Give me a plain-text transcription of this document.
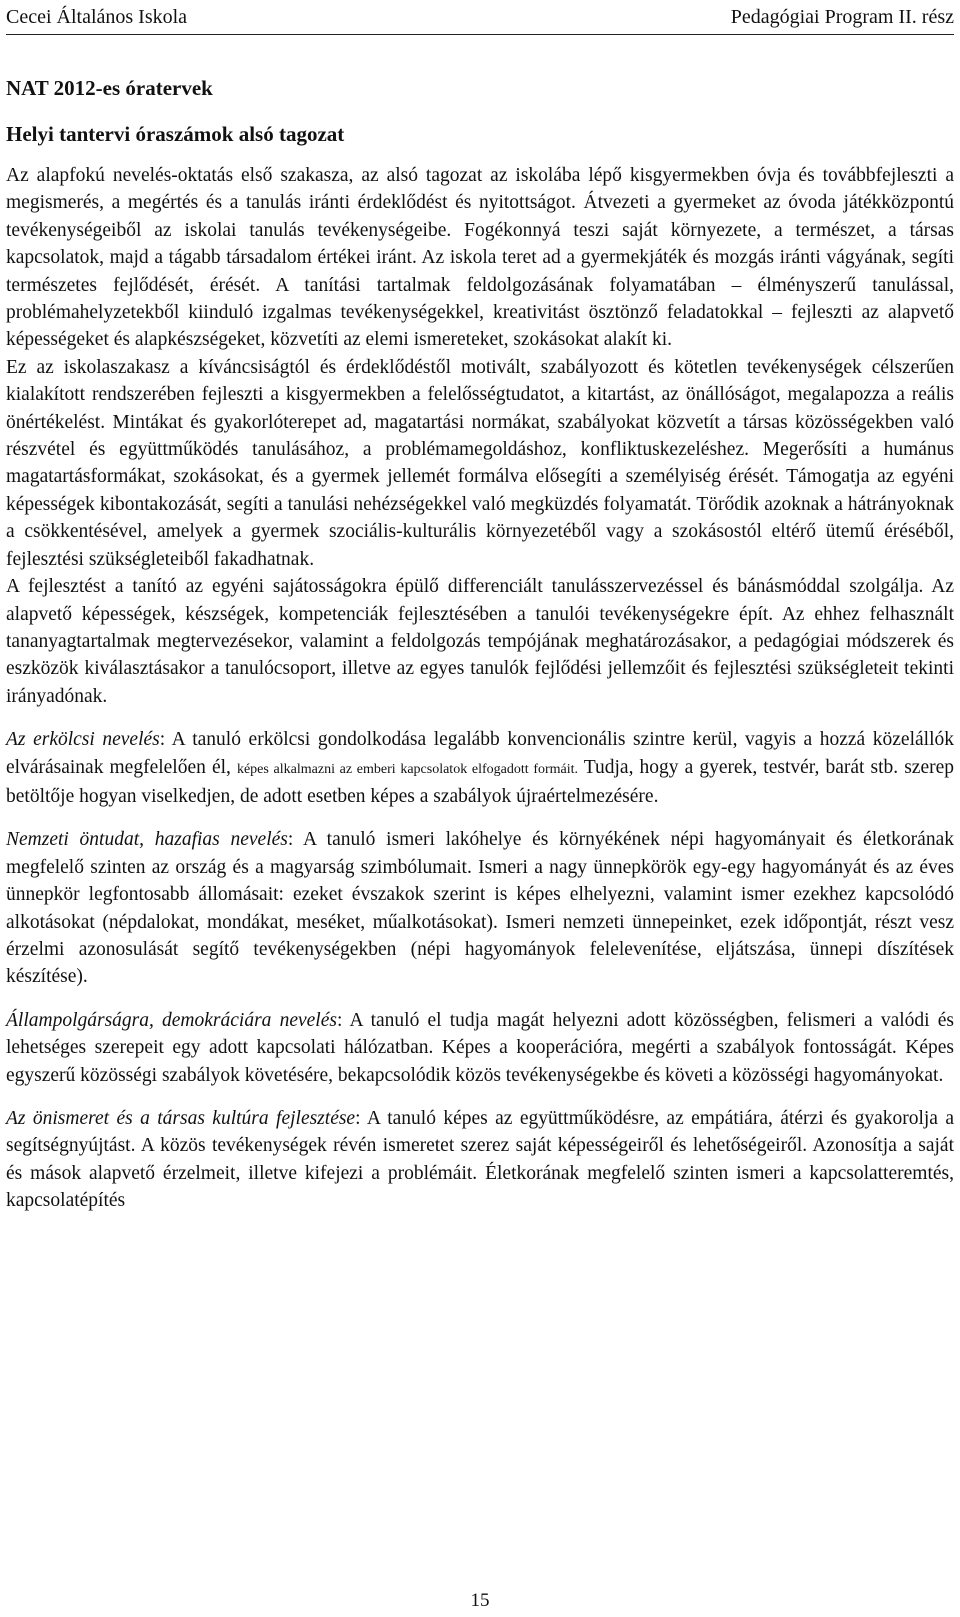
Cecei Általános Iskola	Pedagógiai Program II. rész
NAT 2012-es óratervek
Helyi tantervi óraszámok alsó tagozat

Az alapfokú nevelés-oktatás első szakasza, az alsó tagozat az iskolába lépő kisgyermekben óvja és továbbfejleszti a megismerés, a megértés és a tanulás iránti érdeklődést és nyitottságot. Átvezeti a gyermeket az óvoda játékközpontú tevékenységeiből az iskolai tanulás tevékenységeibe. Fogékonnyá teszi saját környezete, a természet, a társas kapcsolatok, majd a tágabb társadalom értékei iránt. Az iskola teret ad a gyermekjáték és mozgás iránti vágyának, segíti természetes fejlődését, érését. A tanítási tartalmak feldolgozásának folyamatában – élményszerű tanulással, problémahelyzetekből kiinduló izgalmas tevékenységekkel, kreativitást ösztönző feladatokkal – fejleszti az alapvető képességeket és alapkészségeket, közvetíti az elemi ismereteket, szokásokat alakít ki.

Ez az iskolaszakasz a kíváncsiságtól és érdeklődéstől motivált, szabályozott és kötetlen tevékenységek célszerűen kialakított rendszerében fejleszti a kisgyermekben a felelősségtudatot, a kitartást, az önállóságot, megalapozza a reális önértékelést. Mintákat és gyakorlóterepet ad, magatartási normákat, szabályokat közvetít a társas közösségekben való részvétel és együttműködés tanulásához, a problémamegoldáshoz, konfliktuskezeléshez. Megerősíti a humánus magatartásformákat, szokásokat, és a gyermek jellemét formálva elősegíti a személyiség érését. Támogatja az egyéni képességek kibontakozását, segíti a tanulási nehézségekkel való megküzdés folyamatát. Törődik azoknak a hátrányoknak a csökkentésével, amelyek a gyermek szociális-kulturális környezetéből vagy a szokásostól eltérő ütemű éréséből, fejlesztési szükségleteiből fakadhatnak.

A fejlesztést a tanító az egyéni sajátosságokra épülő differenciált tanulásszervezéssel és bánásmóddal szolgálja. Az alapvető képességek, készségek, kompetenciák fejlesztésében a tanulói tevékenységekre épít. Az ehhez felhasznált tananyagtartalmak megtervezésekor, valamint a feldolgozás tempójának meghatározásakor, a pedagógiai módszerek és eszközök kiválasztásakor a tanulócsoport, illetve az egyes tanulók fejlődési jellemzőit és fejlesztési szükségleteit tekinti irányadónak.

Az erkölcsi nevelés: A tanuló erkölcsi gondolkodása legalább konvencionális szintre kerül, vagyis a hozzá közelállók elvárásainak megfelelően él, képes alkalmazni az emberi kapcsolatok elfogadott formáit. Tudja, hogy a gyerek, testvér, barát stb. szerep betöltője hogyan viselkedjen, de adott esetben képes a szabályok újraértelmezésére.

Nemzeti öntudat, hazafias nevelés: A tanuló ismeri lakóhelye és környékének népi hagyományait és életkorának megfelelő szinten az ország és a magyarság szimbólumait. Ismeri a nagy ünnepkörök egy-egy hagyományát és az éves ünnepkör legfontosabb állomásait: ezeket évszakok szerint is képes elhelyezni, valamint ismer ezekhez kapcsolódó alkotásokat (népdalokat, mondákat, meséket, műalkotásokat). Ismeri nemzeti ünnepeinket, ezek időpontját, részt vesz érzelmi azonosulását segítő tevékenységekben (népi hagyományok felelevenítése, eljátszása, ünnepi díszítések készítése).

Állampolgárságra, demokráciára nevelés: A tanuló el tudja magát helyezni adott közösségben, felismeri a valódi és lehetséges szerepeit egy adott kapcsolati hálózatban. Képes a kooperációra, megérti a szabályok fontosságát. Képes egyszerű közösségi szabályok követésére, bekapcsolódik közös tevékenységekbe és követi a közösségi hagyományokat.

Az önismeret és a társas kultúra fejlesztése: A tanuló képes az együttműködésre, az empátiára, átérzi és gyakorolja a segítségnyújtást. A közös tevékenységek révén ismeretet szerez saját képességeiről és lehetőségeiről. Azonosítja a saját és mások alapvető érzelmeit, illetve kifejezi a problémáit. Életkorának megfelelő szinten ismeri a kapcsolatteremtés, kapcsolatépítés

15
